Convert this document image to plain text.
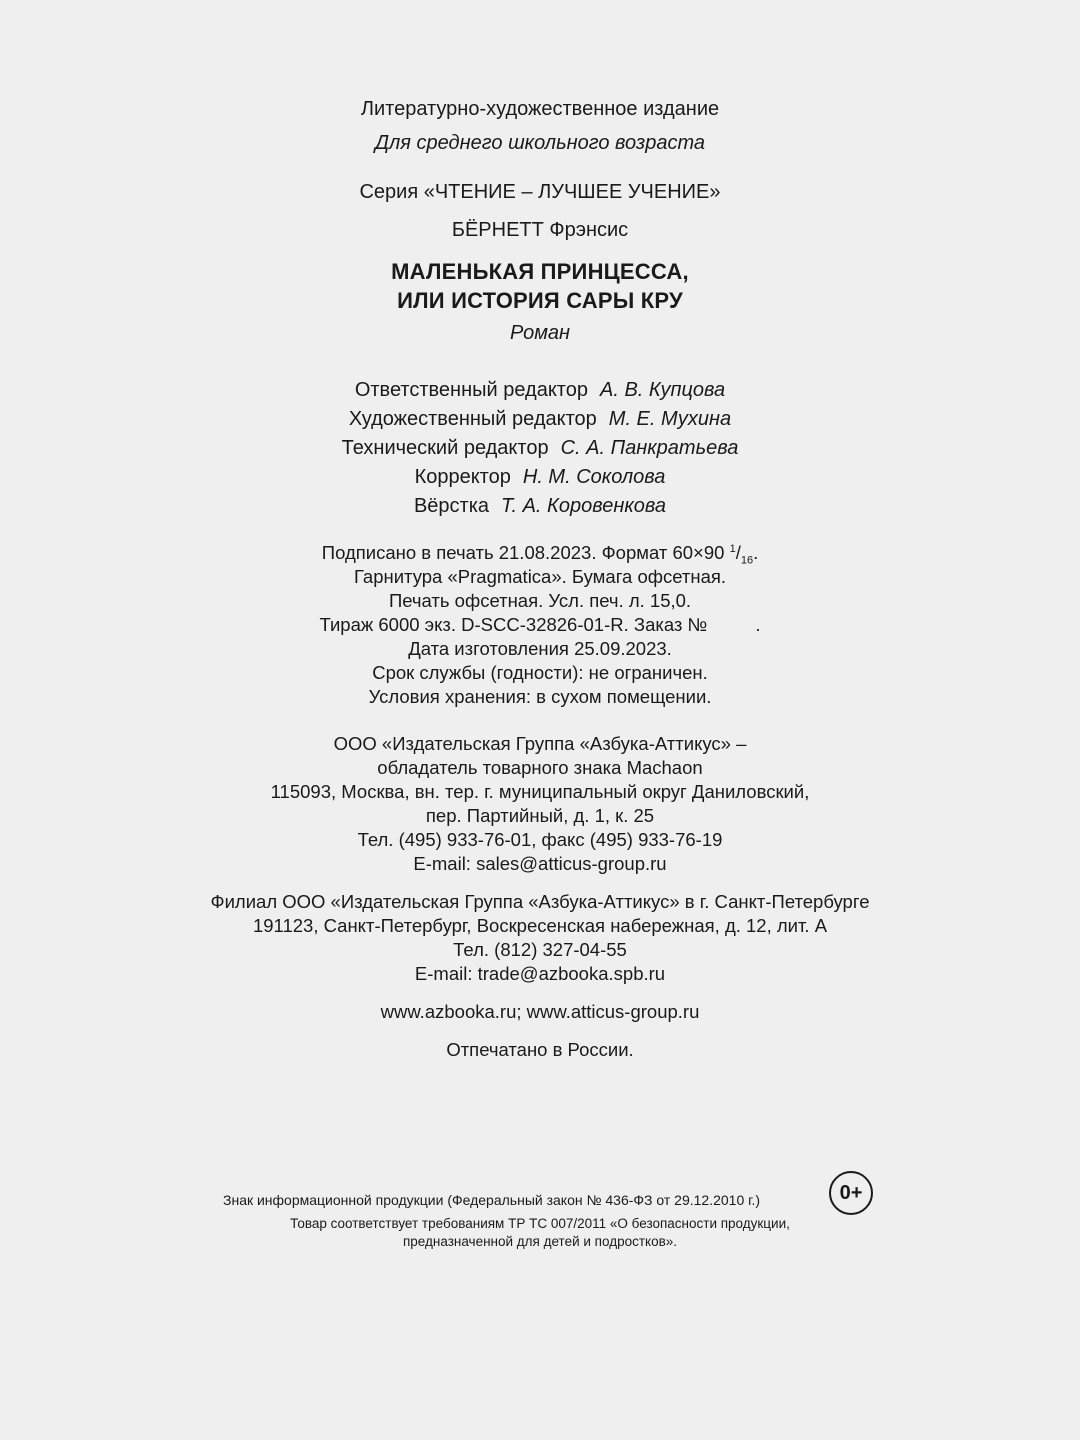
Литературно-художественное издание
Для среднего школьного возраста
Серия «ЧТЕНИЕ – ЛУЧШЕЕ УЧЕНИЕ»
БЁРНЕТТ Фрэнсис
МАЛЕНЬКАЯ ПРИНЦЕССА,
ИЛИ ИСТОРИЯ САРЫ КРУ
Роман
Ответственный редактор А. В. Купцова
Художественный редактор М. Е. Мухина
Технический редактор С. А. Панкратьева
Корректор Н. М. Соколова
Вёрстка Т. А. Коровенкова
Подписано в печать 21.08.2023. Формат 60×90 $^1/_{16}$.
Гарнитура «Pragmatica». Бумага офсетная.
Печать офсетная. Усл. печ. л. 15,0.
Тираж 6000 экз. D-SCC-32826-01-R. Заказ №	.
Дата изготовления 25.09.2023.
Срок службы (годности): не ограничен.
Условия хранения: в сухом помещении.
ООО «Издательская Группа «Азбука-Аттикус» –
обладатель товарного знака Machaon
115093, Москва, вн. тер. г. муниципальный округ Даниловский,
пер. Партийный, д. 1, к. 25
Тел. (495) 933-76-01, факс (495) 933-76-19
E-mail: sales@atticus-group.ru
Филиал ООО «Издательская Группа «Азбука-Аттикус» в г. Санкт-Петербурге
191123, Санкт-Петербург, Воскресенская набережная, д. 12, лит. А
Тел. (812) 327-04-55
E-mail: trade@azbooka.spb.ru
www.azbooka.ru; www.atticus-group.ru
Отпечатано в России.
Знак информационной продукции (Федеральный закон № 436-ФЗ от 29.12.2010 г.)	0+
Товар соответствует требованиям ТР ТС 007/2011 «О безопасности продукции,
предназначенной для детей и подростков».
